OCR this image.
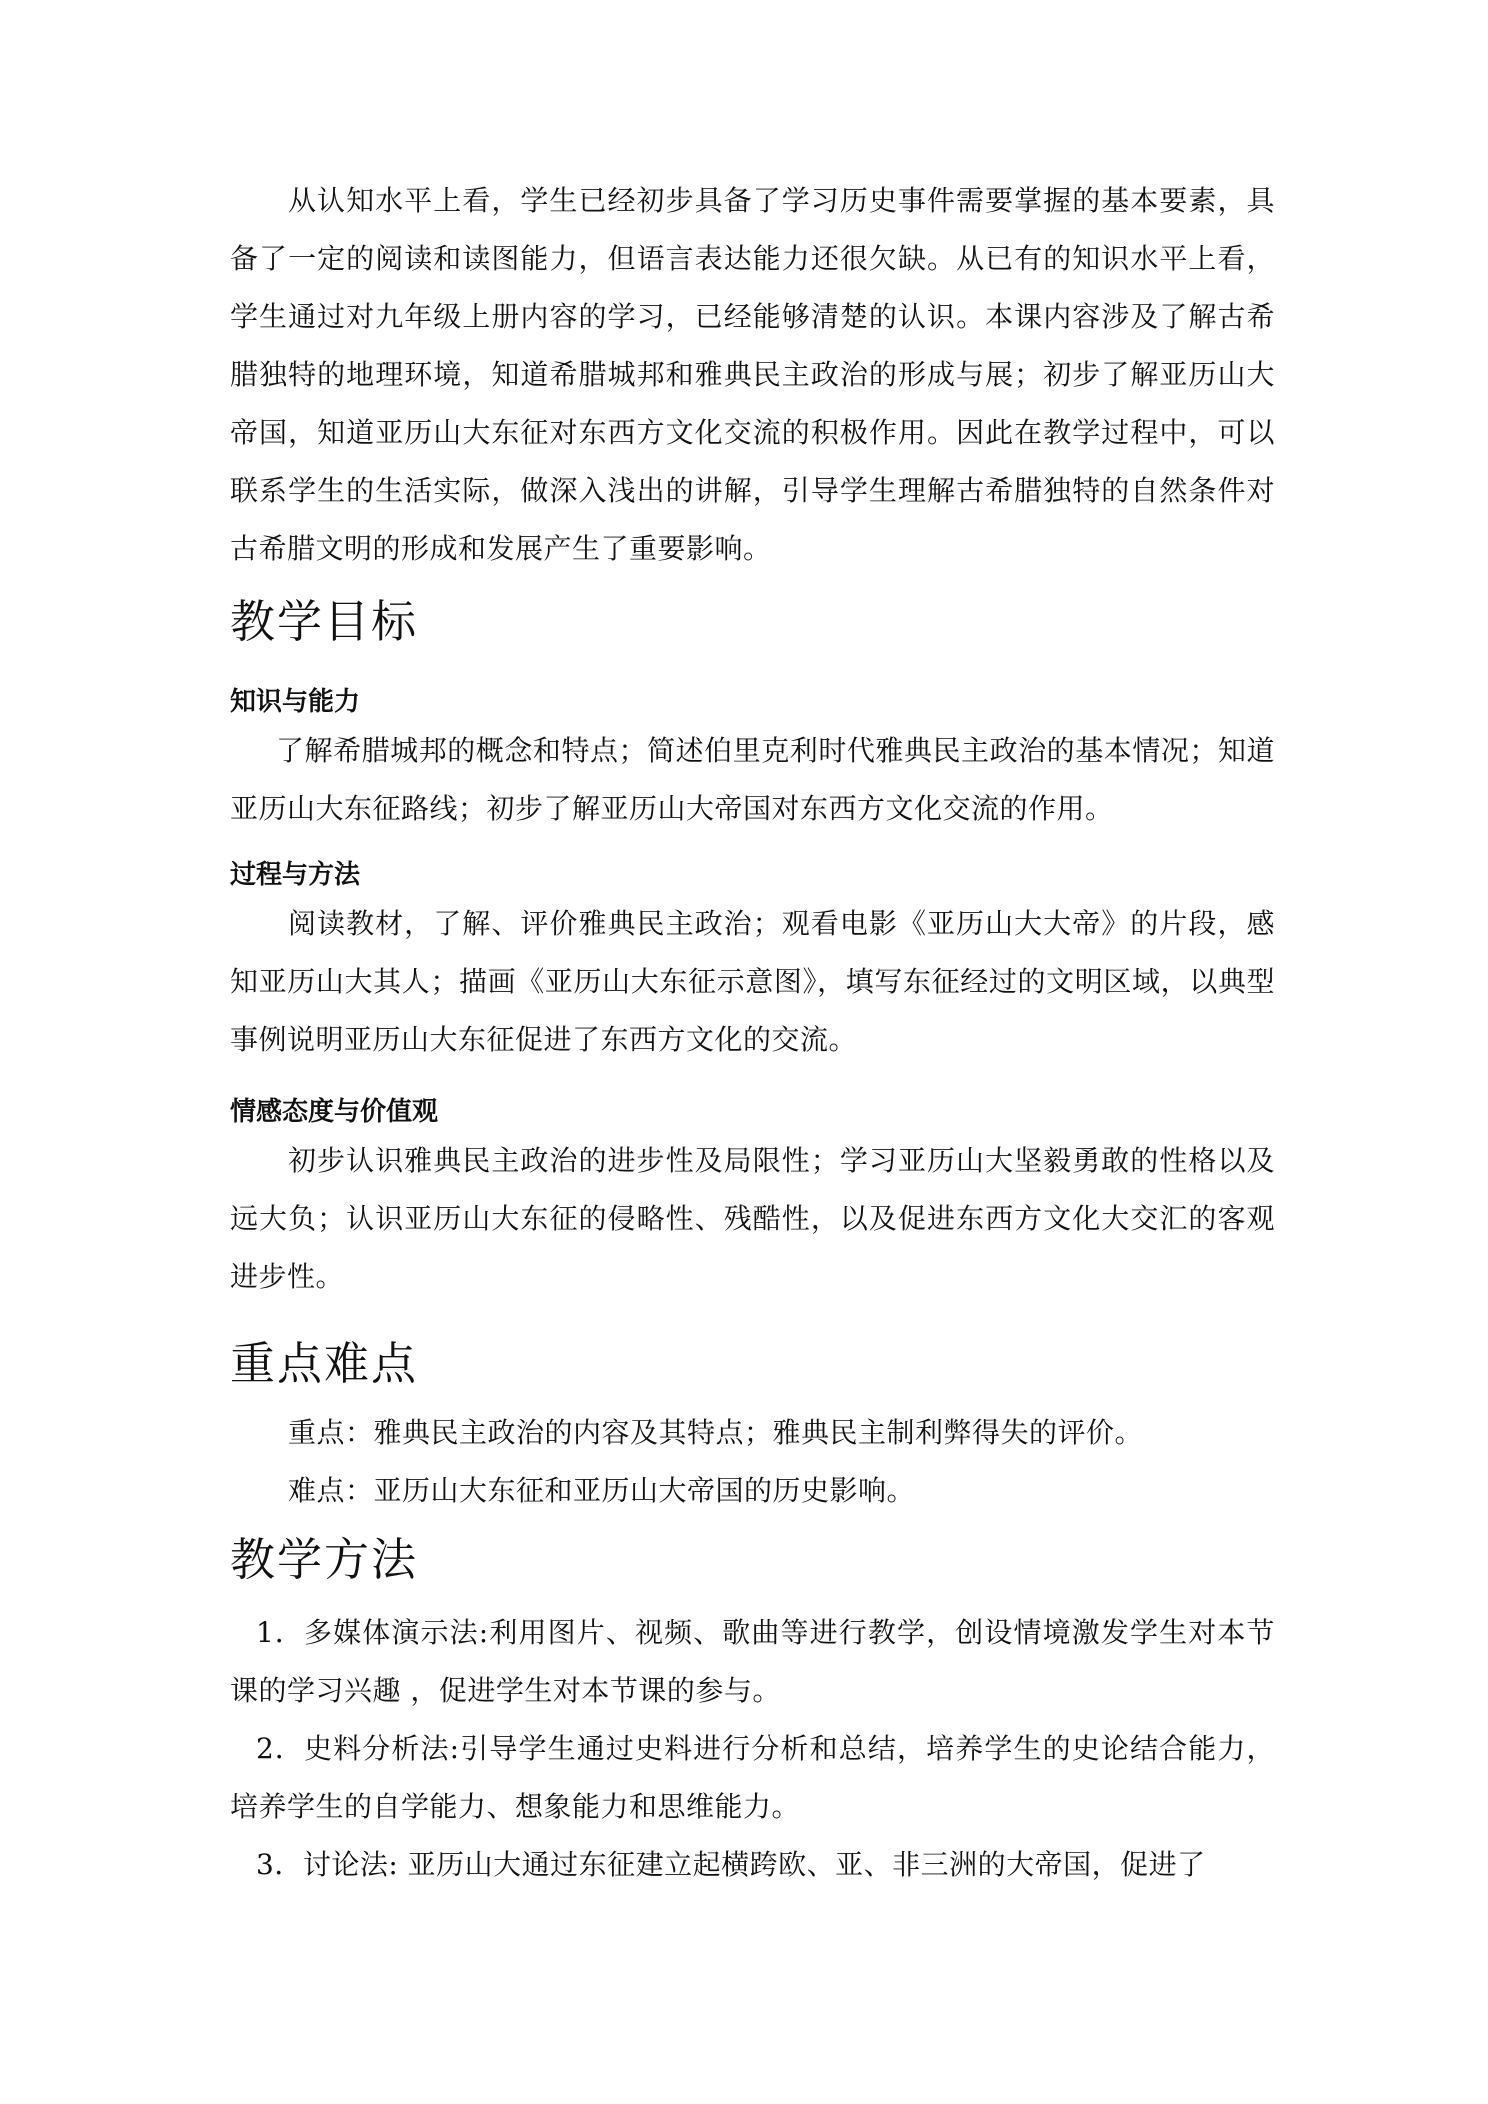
从认知水平上看，学生已经初步具备了学习历史事件需要掌握的基本要素，具备了一定的阅读和读图能力，但语言表达能力还很欠缺。从已有的知识水平上看，学生通过对九年级上册内容的学习，已经能够清楚的认识。本课内容涉及了解古希腊独特的地理环境，知道希腊城邦和雅典民主政治的形成与展；初步了解亚历山大帝国，知道亚历山大东征对东西方文化交流的积极作用。因此在教学过程中，可以联系学生的生活实际，做深入浅出的讲解，引导学生理解古希腊独特的自然条件对古希腊文明的形成和发展产生了重要影响。

教学目标
知识与能力

了解希腊城邦的概念和特点；简述伯里克利时代雅典民主政治的基本情况；知道亚历山大东征路线；初步了解亚历山大帝国对东西方文化交流的作用。

过程与方法

阅读教材，了解、评价雅典民主政治；观看电影《亚历山大大帝》的片段，感知亚历山大其人；描画《亚历山大东征示意图》，填写东征经过的文明区域，以典型事例说明亚历山大东征促进了东西方文化的交流。

情感态度与价值观

初步认识雅典民主政治的进步性及局限性；学习亚历山大坚毅勇敢的性格以及远大负；认识亚历山大东征的侵略性、残酷性，以及促进东西方文化大交汇的客观进步性。

重点难点

重点：雅典民主政治的内容及其特点；雅典民主制利弊得失的评价。

难点：亚历山大东征和亚历山大帝国的历史影响。

教学方法

1．多媒体演示法:利用图片、视频、歌曲等进行教学，创设情境激发学生对本节课的学习兴趣 ，促进学生对本节课的参与。

2．史料分析法:引导学生通过史料进行分析和总结，培养学生的史论结合能力，培养学生的自学能力、想象能力和思维能力。

3．讨论法: 亚历山大通过东征建立起横跨欧、亚、非三洲的大帝国，促进了
